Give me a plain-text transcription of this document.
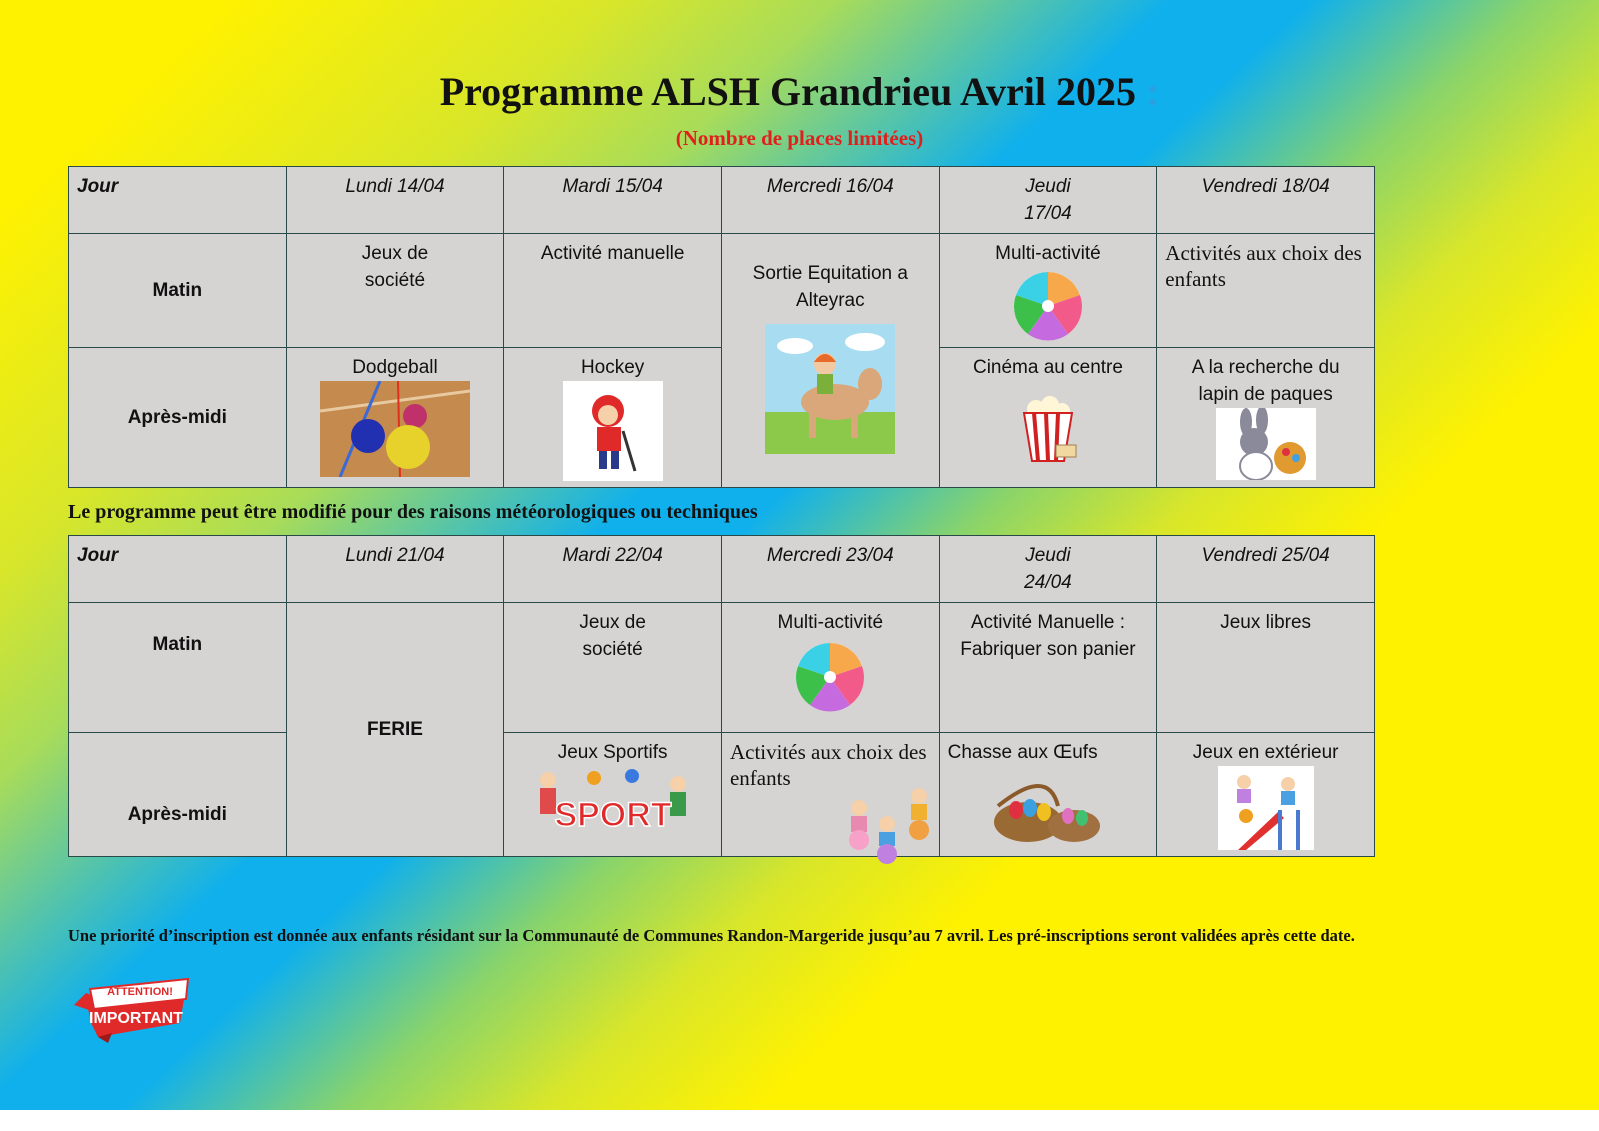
Programme ALSH Grandrieu Avril 2025 :
(Nombre de places limitées)
Jour	Lundi 14/04	Mardi 15/04	Mercredi 16/04	Jeudi
17/04	Vendredi 18/04
Matin	Jeux de
société	Activité manuelle	Sortie Equitation a
Alteyrac	Multi-activité	Activités aux choix des enfants
Après-midi	Dodgeball	Hockey		Cinéma au centre	A la recherche du
lapin de paques
Le programme peut être modifié pour des raisons météorologiques ou techniques
Jour	Lundi 21/04	Mardi 22/04	Mercredi 23/04	Jeudi
24/04	Vendredi 25/04
Matin	FERIE	Jeux de
société	Multi-activité	Activité Manuelle :
Fabriquer son panier	Jeux libres
Après-midi		Jeux Sportifs
SPORT	Activités aux choix des enfants	Chasse aux Œufs	Jeux en extérieur
Une priorité d’inscription est donnée aux enfants résidant sur la Communauté de Communes Randon-Margeride jusqu’au 7 avril. Les pré-inscriptions seront validées après cette date.
ATTENTION!
IMPORTANT
